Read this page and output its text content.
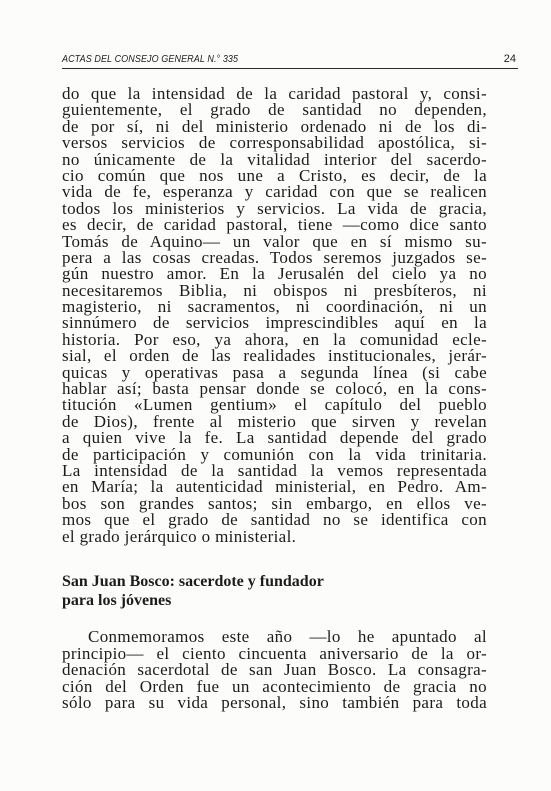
ACTAS DEL CONSEJO GENERAL N.° 335	24
do que la intensidad de la caridad pastoral y, consi-
guientemente, el grado de santidad no dependen,
de por sí, ni del ministerio ordenado ni de los di-
versos servicios de corresponsabilidad apostólica, si-
no únicamente de la vitalidad interior del sacerdo-
cio común que nos une a Cristo, es decir, de la
vida de fe, esperanza y caridad con que se realicen
todos los ministerios y servicios. La vida de gracia,
es decir, de caridad pastoral, tiene —como dice santo
Tomás de Aquino— un valor que en sí mismo su-
pera a las cosas creadas. Todos seremos juzgados se-
gún nuestro amor. En la Jerusalén del cielo ya no
necesitaremos Biblia, ni obispos ni presbíteros, ni
magisterio, ni sacramentos, ni coordinación, ni un
sinnúmero de servicios imprescindibles aquí en la
historia. Por eso, ya ahora, en la comunidad ecle-
sial, el orden de las realidades institucionales, jerár-
quicas y operativas pasa a segunda línea (si cabe
hablar así; basta pensar donde se colocó, en la cons-
titución «Lumen gentium» el capítulo del pueblo
de Dios), frente al misterio que sirven y revelan
a quien vive la fe. La santidad depende del grado
de participación y comunión con la vida trinitaria.
La intensidad de la santidad la vemos representada
en María; la autenticidad ministerial, en Pedro. Am-
bos son grandes santos; sin embargo, en ellos ve-
mos que el grado de santidad no se identifica con
el grado jerárquico o ministerial.
San Juan Bosco: sacerdote y fundador
para los jóvenes
Conmemoramos este año —lo he apuntado al
principio— el ciento cincuenta aniversario de la or-
denación sacerdotal de san Juan Bosco. La consagra-
ción del Orden fue un acontecimiento de gracia no
sólo para su vida personal, sino también para toda
